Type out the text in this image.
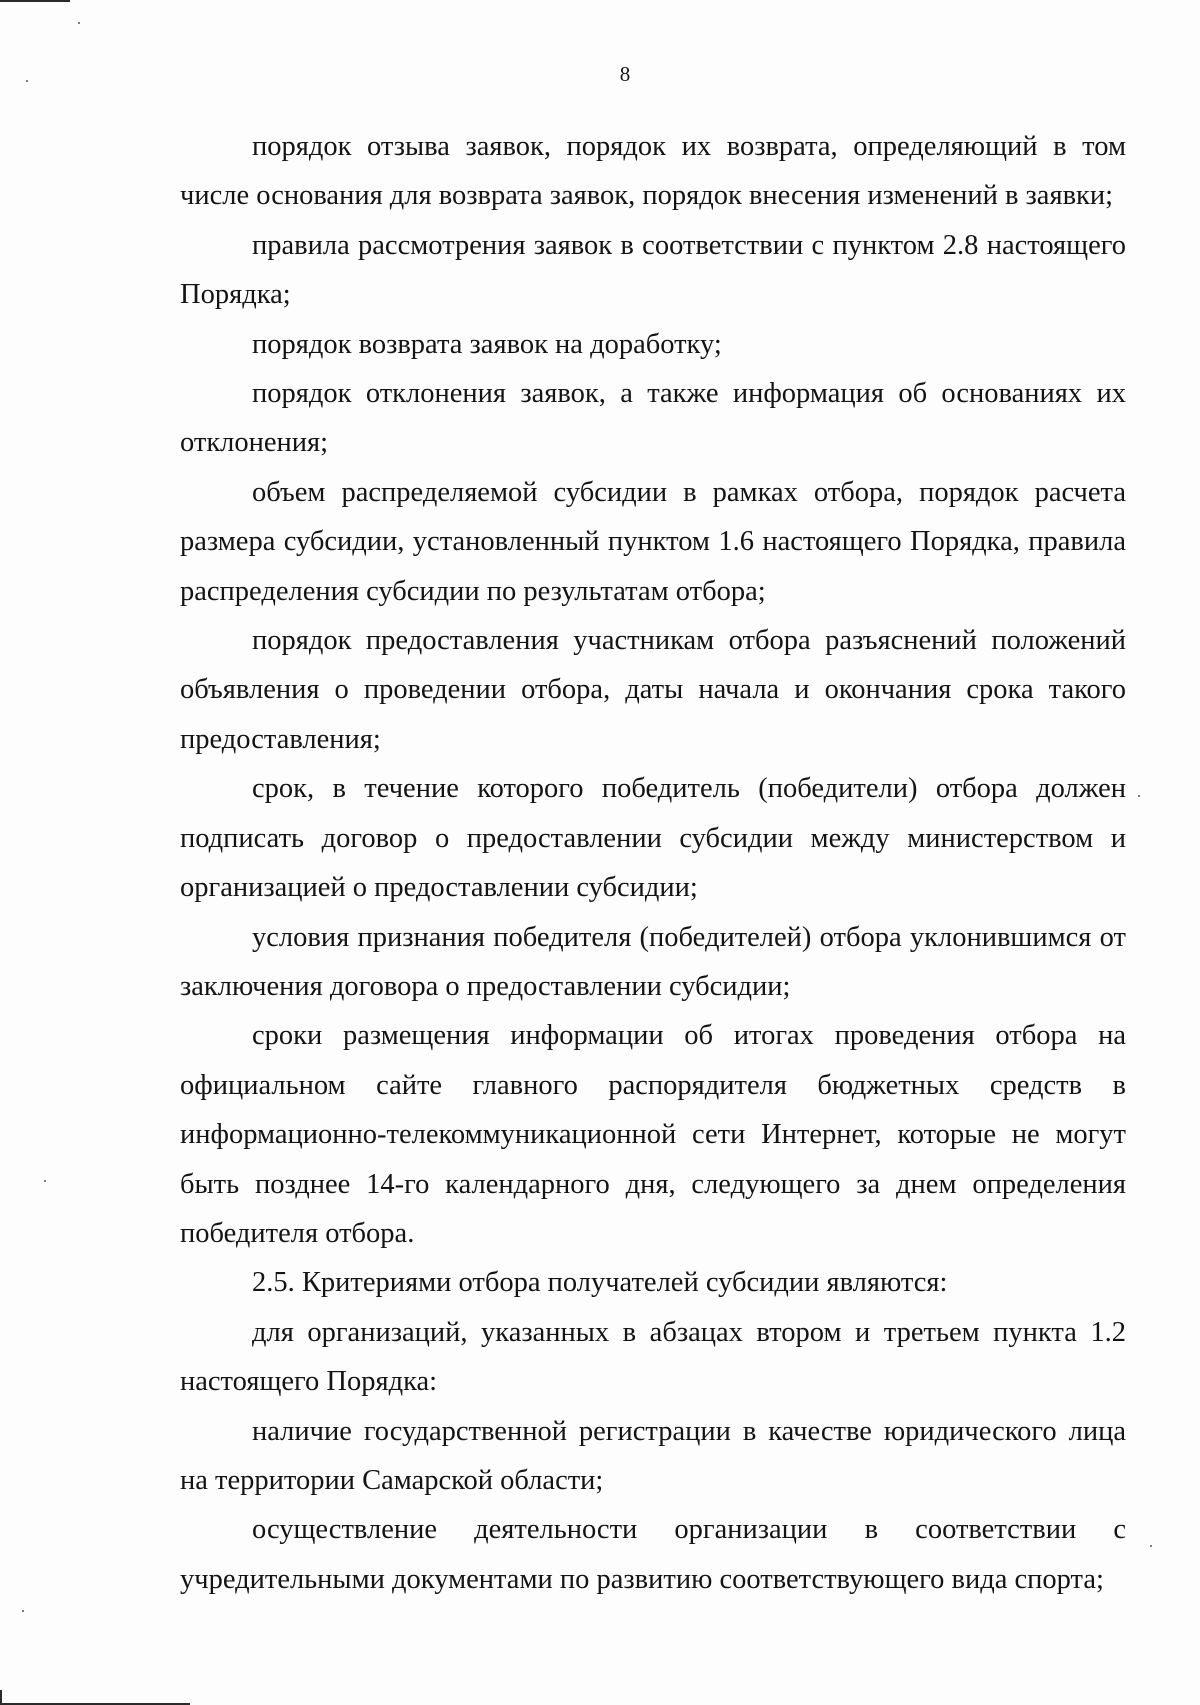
8

порядок отзыва заявок, порядок их возврата, определяющий в том числе основания для возврата заявок, порядок внесения изменений в заявки;

правила рассмотрения заявок в соответствии с пунктом 2.8 настоящего Порядка;

порядок возврата заявок на доработку;

порядок отклонения заявок, а также информация об основаниях их отклонения;

объем распределяемой субсидии в рамках отбора, порядок расчета размера субсидии, установленный пунктом 1.6 настоящего Порядка, правила распределения субсидии по результатам отбора;

порядок предоставления участникам отбора разъяснений положений объявления о проведении отбора, даты начала и окончания срока такого предоставления;

срок, в течение которого победитель (победители) отбора должен подписать договор о предоставлении субсидии между министерством и организацией о предоставлении субсидии;

условия признания победителя (победителей) отбора уклонившимся от заключения договора о предоставлении субсидии;

сроки размещения информации об итогах проведения отбора на официальном сайте главного распорядителя бюджетных средств в информационно-телекоммуникационной сети Интернет, которые не могут быть позднее 14-го календарного дня, следующего за днем определения победителя отбора.

2.5. Критериями отбора получателей субсидии являются:

для организаций, указанных в абзацах втором и третьем пункта 1.2 настоящего Порядка:

наличие государственной регистрации в качестве юридического лица на территории Самарской области;

осуществление деятельности организации в соответствии с учредительными документами по развитию соответствующего вида спорта;
